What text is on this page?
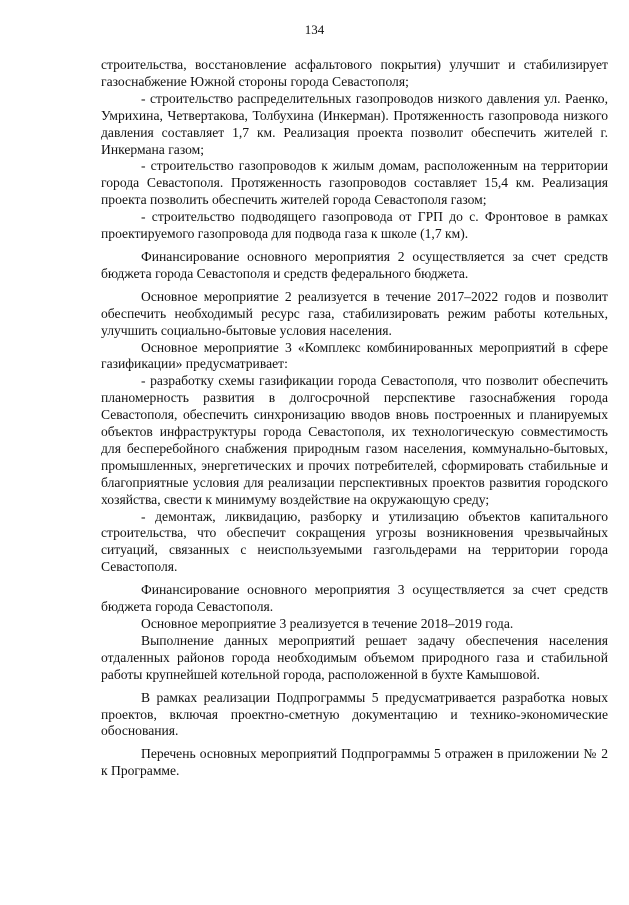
134

строительства, восстановление асфальтового покрытия) улучшит и стабилизирует газоснабжение Южной стороны города Севастополя;

- строительство распределительных газопроводов низкого давления ул. Раенко, Умрихина, Четвертакова, Толбухина (Инкерман). Протяженность газопровода низкого давления составляет 1,7 км. Реализация проекта позволит обеспечить жителей г. Инкермана газом;

- строительство газопроводов к жилым домам, расположенным на территории города Севастополя. Протяженность газопроводов составляет 15,4 км. Реализация проекта позволить обеспечить жителей города Севастополя газом;

- строительство подводящего газопровода от ГРП до с. Фронтовое в рамках проектируемого газопровода для подвода газа к школе (1,7 км).

Финансирование основного мероприятия 2 осуществляется за счет средств бюджета города Севастополя и средств федерального бюджета.

Основное мероприятие 2 реализуется в течение 2017–2022 годов и позволит обеспечить необходимый ресурс газа, стабилизировать режим работы котельных, улучшить социально-бытовые условия населения.

Основное мероприятие 3 «Комплекс комбинированных мероприятий в сфере газификации» предусматривает:

- разработку схемы газификации города Севастополя, что позволит обеспечить планомерность развития в долгосрочной перспективе газоснабжения города Севастополя, обеспечить синхронизацию вводов вновь построенных и планируемых объектов инфраструктуры города Севастополя, их технологическую совместимость для бесперебойного снабжения природным газом населения, коммунально-бытовых, промышленных, энергетических и прочих потребителей, сформировать стабильные и благоприятные условия для реализации перспективных проектов развития городского хозяйства, свести к минимуму воздействие на окружающую среду;

- демонтаж, ликвидацию, разборку и утилизацию объектов капитального строительства, что обеспечит сокращения угрозы возникновения чрезвычайных ситуаций, связанных с неиспользуемыми газгольдерами на территории города Севастополя.

Финансирование основного мероприятия 3 осуществляется за счет средств бюджета города Севастополя.

Основное мероприятие 3 реализуется в течение 2018–2019 года.

Выполнение данных мероприятий решает задачу обеспечения населения отдаленных районов города необходимым объемом природного газа и стабильной работы крупнейшей котельной города, расположенной в бухте Камышовой.

В рамках реализации Подпрограммы 5 предусматривается разработка новых проектов, включая проектно-сметную документацию и технико-экономические обоснования.

Перечень основных мероприятий Подпрограммы 5 отражен в приложении № 2 к Программе.
